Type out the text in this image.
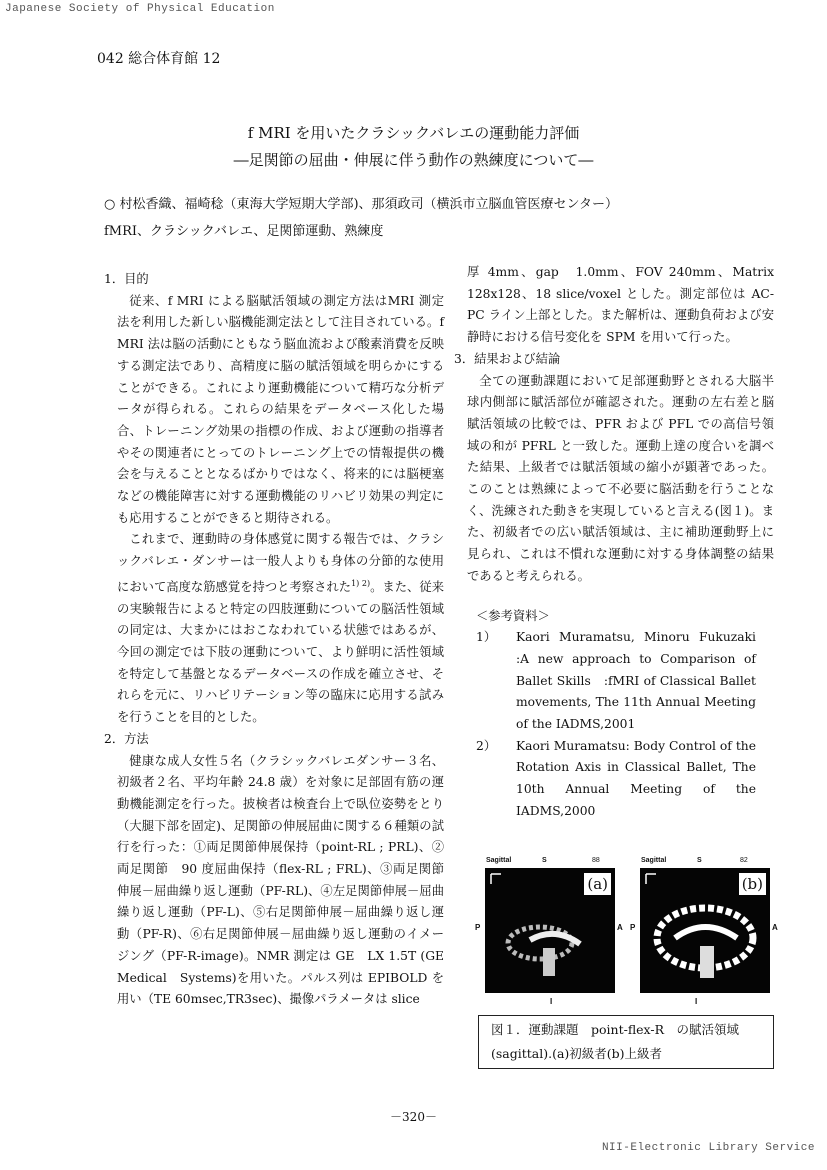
Japanese Society of Physical Education
042 総合体育館 12
f MRI を用いたクラシックバレエの運動能力評価
―足関節の屈曲・伸展に伴う動作の熟練度について―
○ 村松香織、福崎稔（東海大学短期大学部)、那須政司（横浜市立脳血管医療センター）
fMRI、クラシックバレエ、足関節運動、熟練度

1．目的

従来、f MRI による脳賦活領域の測定方法はMRI 測定法を利用した新しい脳機能測定法として注目されている。f MRI 法は脳の活動にともなう脳血流および酸素消費を反映する測定法であり、高精度に脳の賦活領域を明らかにすることができる。これにより運動機能について精巧な分析データが得られる。これらの結果をデータベース化した場合、トレーニング効果の指標の作成、および運動の指導者やその関連者にとってのトレーニング上での情報提供の機会を与えることとなるばかりではなく、将来的には脳梗塞などの機能障害に対する運動機能のリハビリ効果の判定にも応用することができると期待される。

これまで、運動時の身体感覚に関する報告では、クラシックバレエ・ダンサーは一般人よりも身体の分節的な使用において高度な筋感覚を持つと考察された$^{1) 2)}$。また、従来の実験報告によると特定の四肢運動についての脳活性領域の同定は、大まかにはおこなわれている状態ではあるが、今回の測定では下肢の運動について、より鮮明に活性領域を特定して基盤となるデータベースの作成を確立させ、それらを元に、リハビリテーション等の臨床に応用する試みを行うことを目的とした。

2．方法

健康な成人女性５名（クラシックバレエダンサー３名、初級者２名、平均年齢 24.8 歳）を対象に足部固有筋の運動機能測定を行った。披検者は検査台上で臥位姿勢をとり（大腿下部を固定)、足関節の伸展屈曲に関する６種類の試行を行った：①両足関節伸展保持（point-RL ; PRL)、②両足関節　90 度屈曲保持（flex-RL ; FRL)、③両足関節伸展－屈曲繰り返し運動（PF-RL)、④左足関節伸展－屈曲繰り返し運動（PF-L)、⑤右足関節伸展－屈曲繰り返し運動（PF-R)、⑥右足関節伸展－屈曲繰り返し運動のイメージング（PF-R-image)。NMR 測定は GE　LX 1.5T (GE Medical　Systems)を用いた。パルス列は EPIBOLD を用い（TE 60msec,TR3sec)、撮像パラメータは slice

厚 4mm、gap　1.0mm、FOV 240mm、Matrix 128x128、18 slice/voxel とした。測定部位は AC-PC ライン上部とした。また解析は、運動負荷および安静時における信号変化を SPM を用いて行った。

3．結果および結論

全ての運動課題において足部運動野とされる大脳半球内側部に賦活部位が確認された。運動の左右差と脳賦活領域の比較では、PFR および PFL での高信号領域の和が PFRL と一致した。運動上達の度合いを調べた結果、上級者では賦活領域の縮小が顕著であった。このことは熟練によって不必要に脳活動を行うことなく、洗練された動きを実現していると言える(図１)。また、初級者での広い賦活領域は、主に補助運動野上に見られ、これは不慣れな運動に対する身体調整の結果であると考えられる。

＜参考資料＞

1）	Kaori Muramatsu, Minoru Fukuzaki :A new approach to Comparison of Ballet Skills　:fMRI of Classical Ballet movements, The 11th Annual Meeting of the IADMS,2001
2）	Kaori Muramatsu: Body Control of the Rotation Axis in Classical Ballet, The 10th Annual Meeting of the IADMS,2000
Sagittal	S	88
(a)
P	A
I
Sagittal	S	82
(b)
P	A
I
図１．運動課題　point-flex-R　の賦活領域
(sagittal).(a)初級者(b)上級者
－320－
NII-Electronic Library Service
